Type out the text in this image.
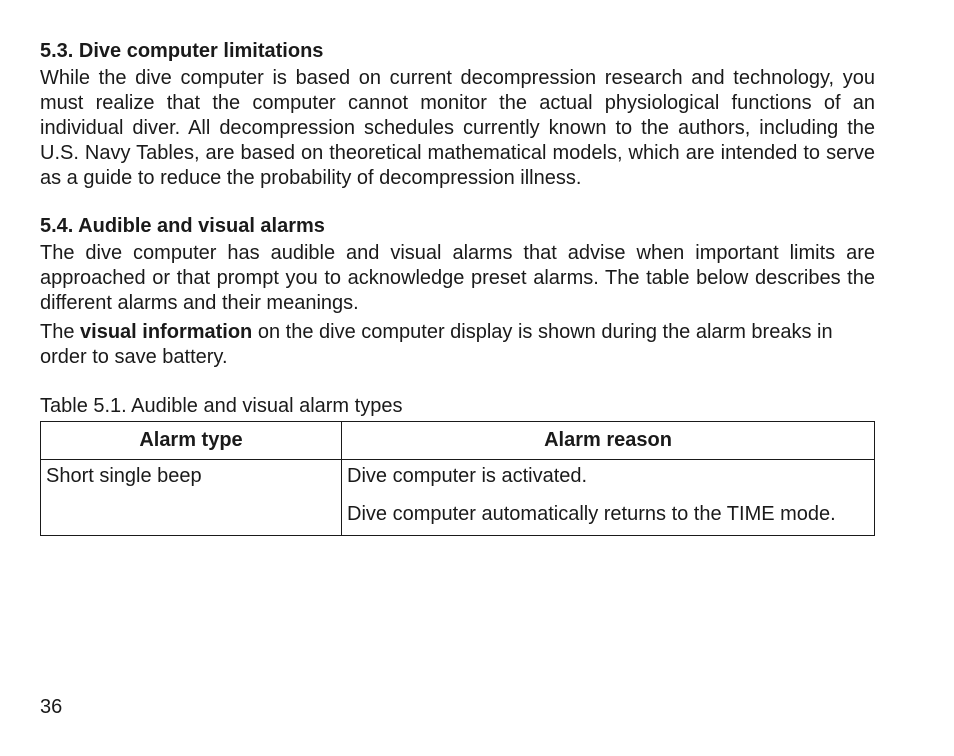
5.3. Dive computer limitations

While the dive computer is based on current decompression research and technology, you must realize that the computer cannot monitor the actual physiological functions of an individual diver. All decompression schedules currently known to the authors, including the U.S. Navy Tables, are based on theoretical mathematical models, which are intended to serve as a guide to reduce the probability of decompression illness.

5.4. Audible and visual alarms

The dive computer has audible and visual alarms that advise when important limits are approached or that prompt you to acknowledge preset alarms. The table below describes the different alarms and their meanings.

The visual information on the dive computer display is shown during the alarm breaks in order to save battery.

Table 5.1. Audible and visual alarm types
Alarm type	Alarm reason

Short single beep	Dive computer is activated.
Dive computer automatically returns to the TIME mode.
36
